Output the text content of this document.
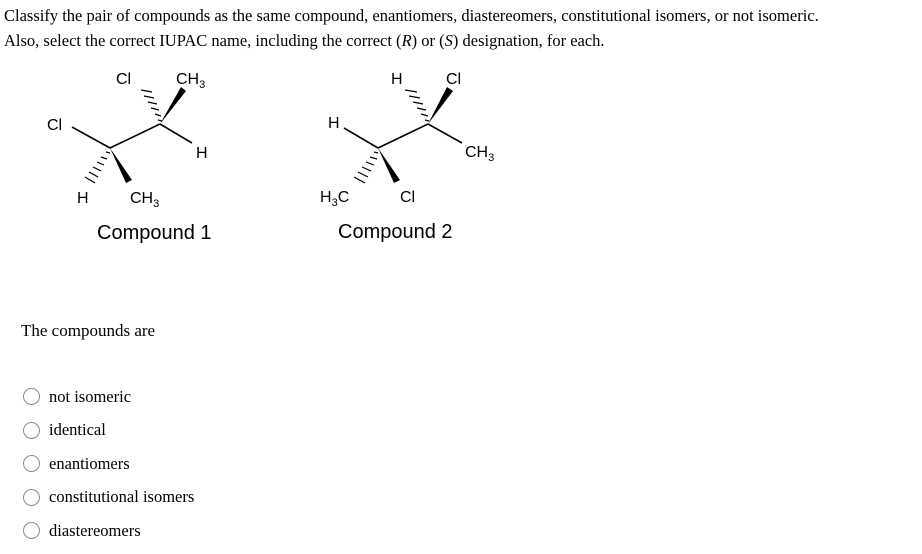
Classify the pair of compounds as the same compound, enantiomers, diastereomers, constitutional isomers, or not isomeric.
Also, select the correct IUPAC name, including the correct (R) or (S) designation, for each.
Cl	$CH_3$
Cl
H
H	$CH_3$
Compound 1
H	Cl
H
$CH_3$
$H_3C$	Cl
Compound 2
The compounds are
not isomeric
identical
enantiomers
constitutional isomers
diastereomers
